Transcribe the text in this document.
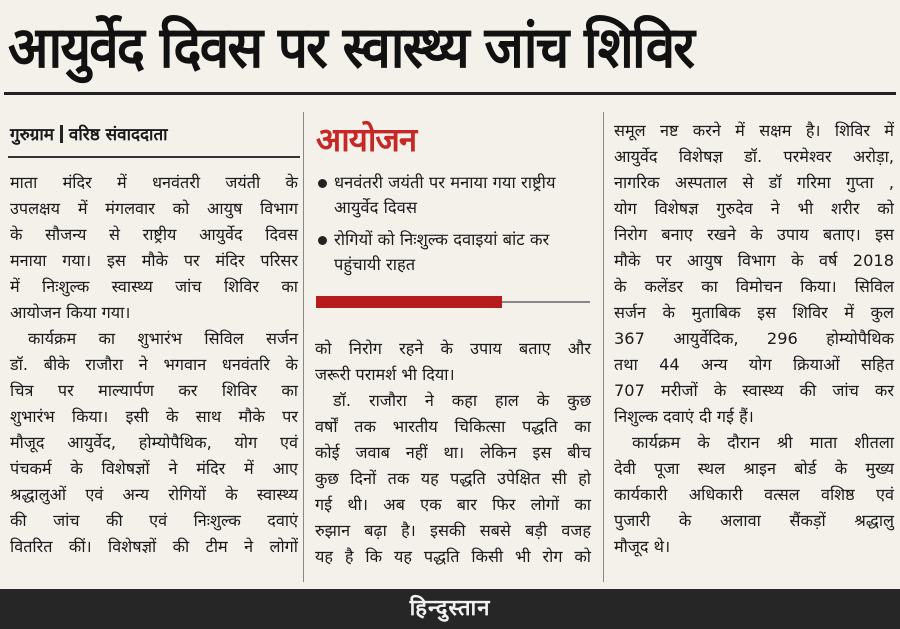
आयुर्वेद दिवस पर स्वास्थ्य जांच शिविर
गुरुग्राम वरिष्ठ संवाददाता
माता मंदिर में धनवंतरी जयंती के
उपलक्षय में मंगलवार को आयुष विभाग
के सौजन्य से राष्ट्रीय आयुर्वेद दिवस
मनाया गया। इस मौके पर मंदिर परिसर
में निःशुल्क स्वास्थ्य जांच शिविर का
आयोजन किया गया।
कार्यक्रम का शुभारंभ सिविल सर्जन
डॉ. बीके राजौरा ने भगवान धनवंतरि के
चित्र पर माल्यार्पण कर शिविर का
शुभारंभ किया। इसी के साथ मौके पर
मौजूद आयुर्वेद, होम्योपैथिक, योग एवं
पंचकर्म के विशेषज्ञों ने मंदिर में आए
श्रद्धालुओं एवं अन्य रोगियों के स्वास्थ्य
की जांच की एवं निःशुल्क दवाएं
वितरित कीं। विशेषज्ञों की टीम ने लोगों
आयोजन
धनवंतरी जयंती पर मनाया गया राष्ट्रीय आयुर्वेद दिवस
रोगियों को निःशुल्क दवाइयां बांट कर पहुंचायी राहत
को निरोग रहने के उपाय बताए और
जरूरी परामर्श भी दिया।
डॉ. राजौरा ने कहा हाल के कुछ
वर्षों तक भारतीय चिकित्सा पद्धति का
कोई जवाब नहीं था। लेकिन इस बीच
कुछ दिनों तक यह पद्धति उपेक्षित सी हो
गई थी। अब एक बार फिर लोगों का
रुझान बढ़ा है। इसकी सबसे बड़ी वजह
यह है कि यह पद्धति किसी भी रोग को
समूल नष्ट करने में सक्षम है। शिविर में
आयुर्वेद विशेषज्ञ डॉ. परमेश्वर अरोड़ा,
नागरिक अस्पताल से डॉ गरिमा गुप्ता ,
योग विशेषज्ञ गुरुदेव ने भी शरीर को
निरोग बनाए रखने के उपाय बताए। इस
मौके पर आयुष विभाग के वर्ष 2018
के कलेंडर का विमोचन किया। सिविल
सर्जन के मुताबिक इस शिविर में कुल
367 आयुर्वेदिक, 296 होम्योपैथिक
तथा 44 अन्य योग क्रियाओं सहित
707 मरीजों के स्वास्थ्य की जांच कर
निशुल्क दवाएं दी गई हैं।
कार्यक्रम के दौरान श्री माता शीतला
देवी पूजा स्थल श्राइन बोर्ड के मुख्य
कार्यकारी अधिकारी वत्सल वशिष्ठ एवं
पुजारी के अलावा सैंकड़ों श्रद्धालु
मौजूद थे।
हिन्दुस्तान
